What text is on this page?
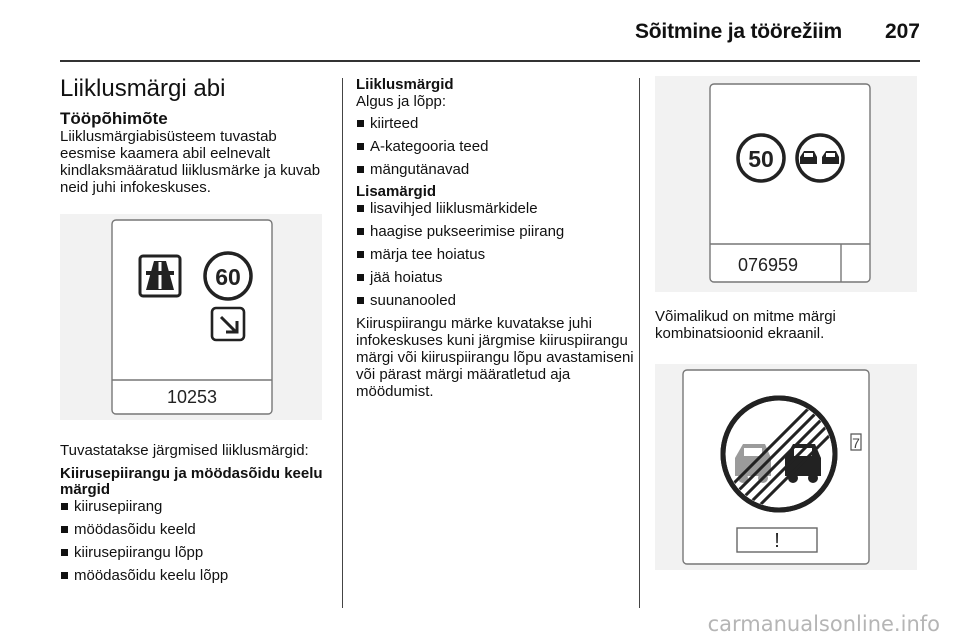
Sõitmine ja töörežiim 207
Liiklusmärgi abi
Tööpõhimõte

Liiklusmärgiabisüsteem tuvastab eesmise kaamera abil eelnevalt kindlaksmääratud liiklusmärke ja kuvab neid juhi infokeskuses.

60
10253

Tuvastatakse järgmised liiklusmärgid:

Kiirusepiirangu ja möödasõidu keelu märgid

kiirusepiirang
möödasõidu keeld
kiirusepiirangu lõpp
möödasõidu keelu lõpp

Liiklusmärgid

Algus ja lõpp:

kiirteed
A-kategooria teed
mängutänavad

Lisamärgid

lisavihjed liiklusmärkidele
haagise pukseerimise piirang
märja tee hoiatus
jää hoiatus
suunanooled

Kiiruspiirangu märke kuvatakse juhi infokeskuses kuni järgmise kiiruspiirangu märgi või kiiruspiirangu lõpu avastamiseni või pärast märgi määratletud aja möödumist.

50
076959

Võimalikud on mitme märgi kombinatsioonid ekraanil.

7
!
carmanualsonline.info
